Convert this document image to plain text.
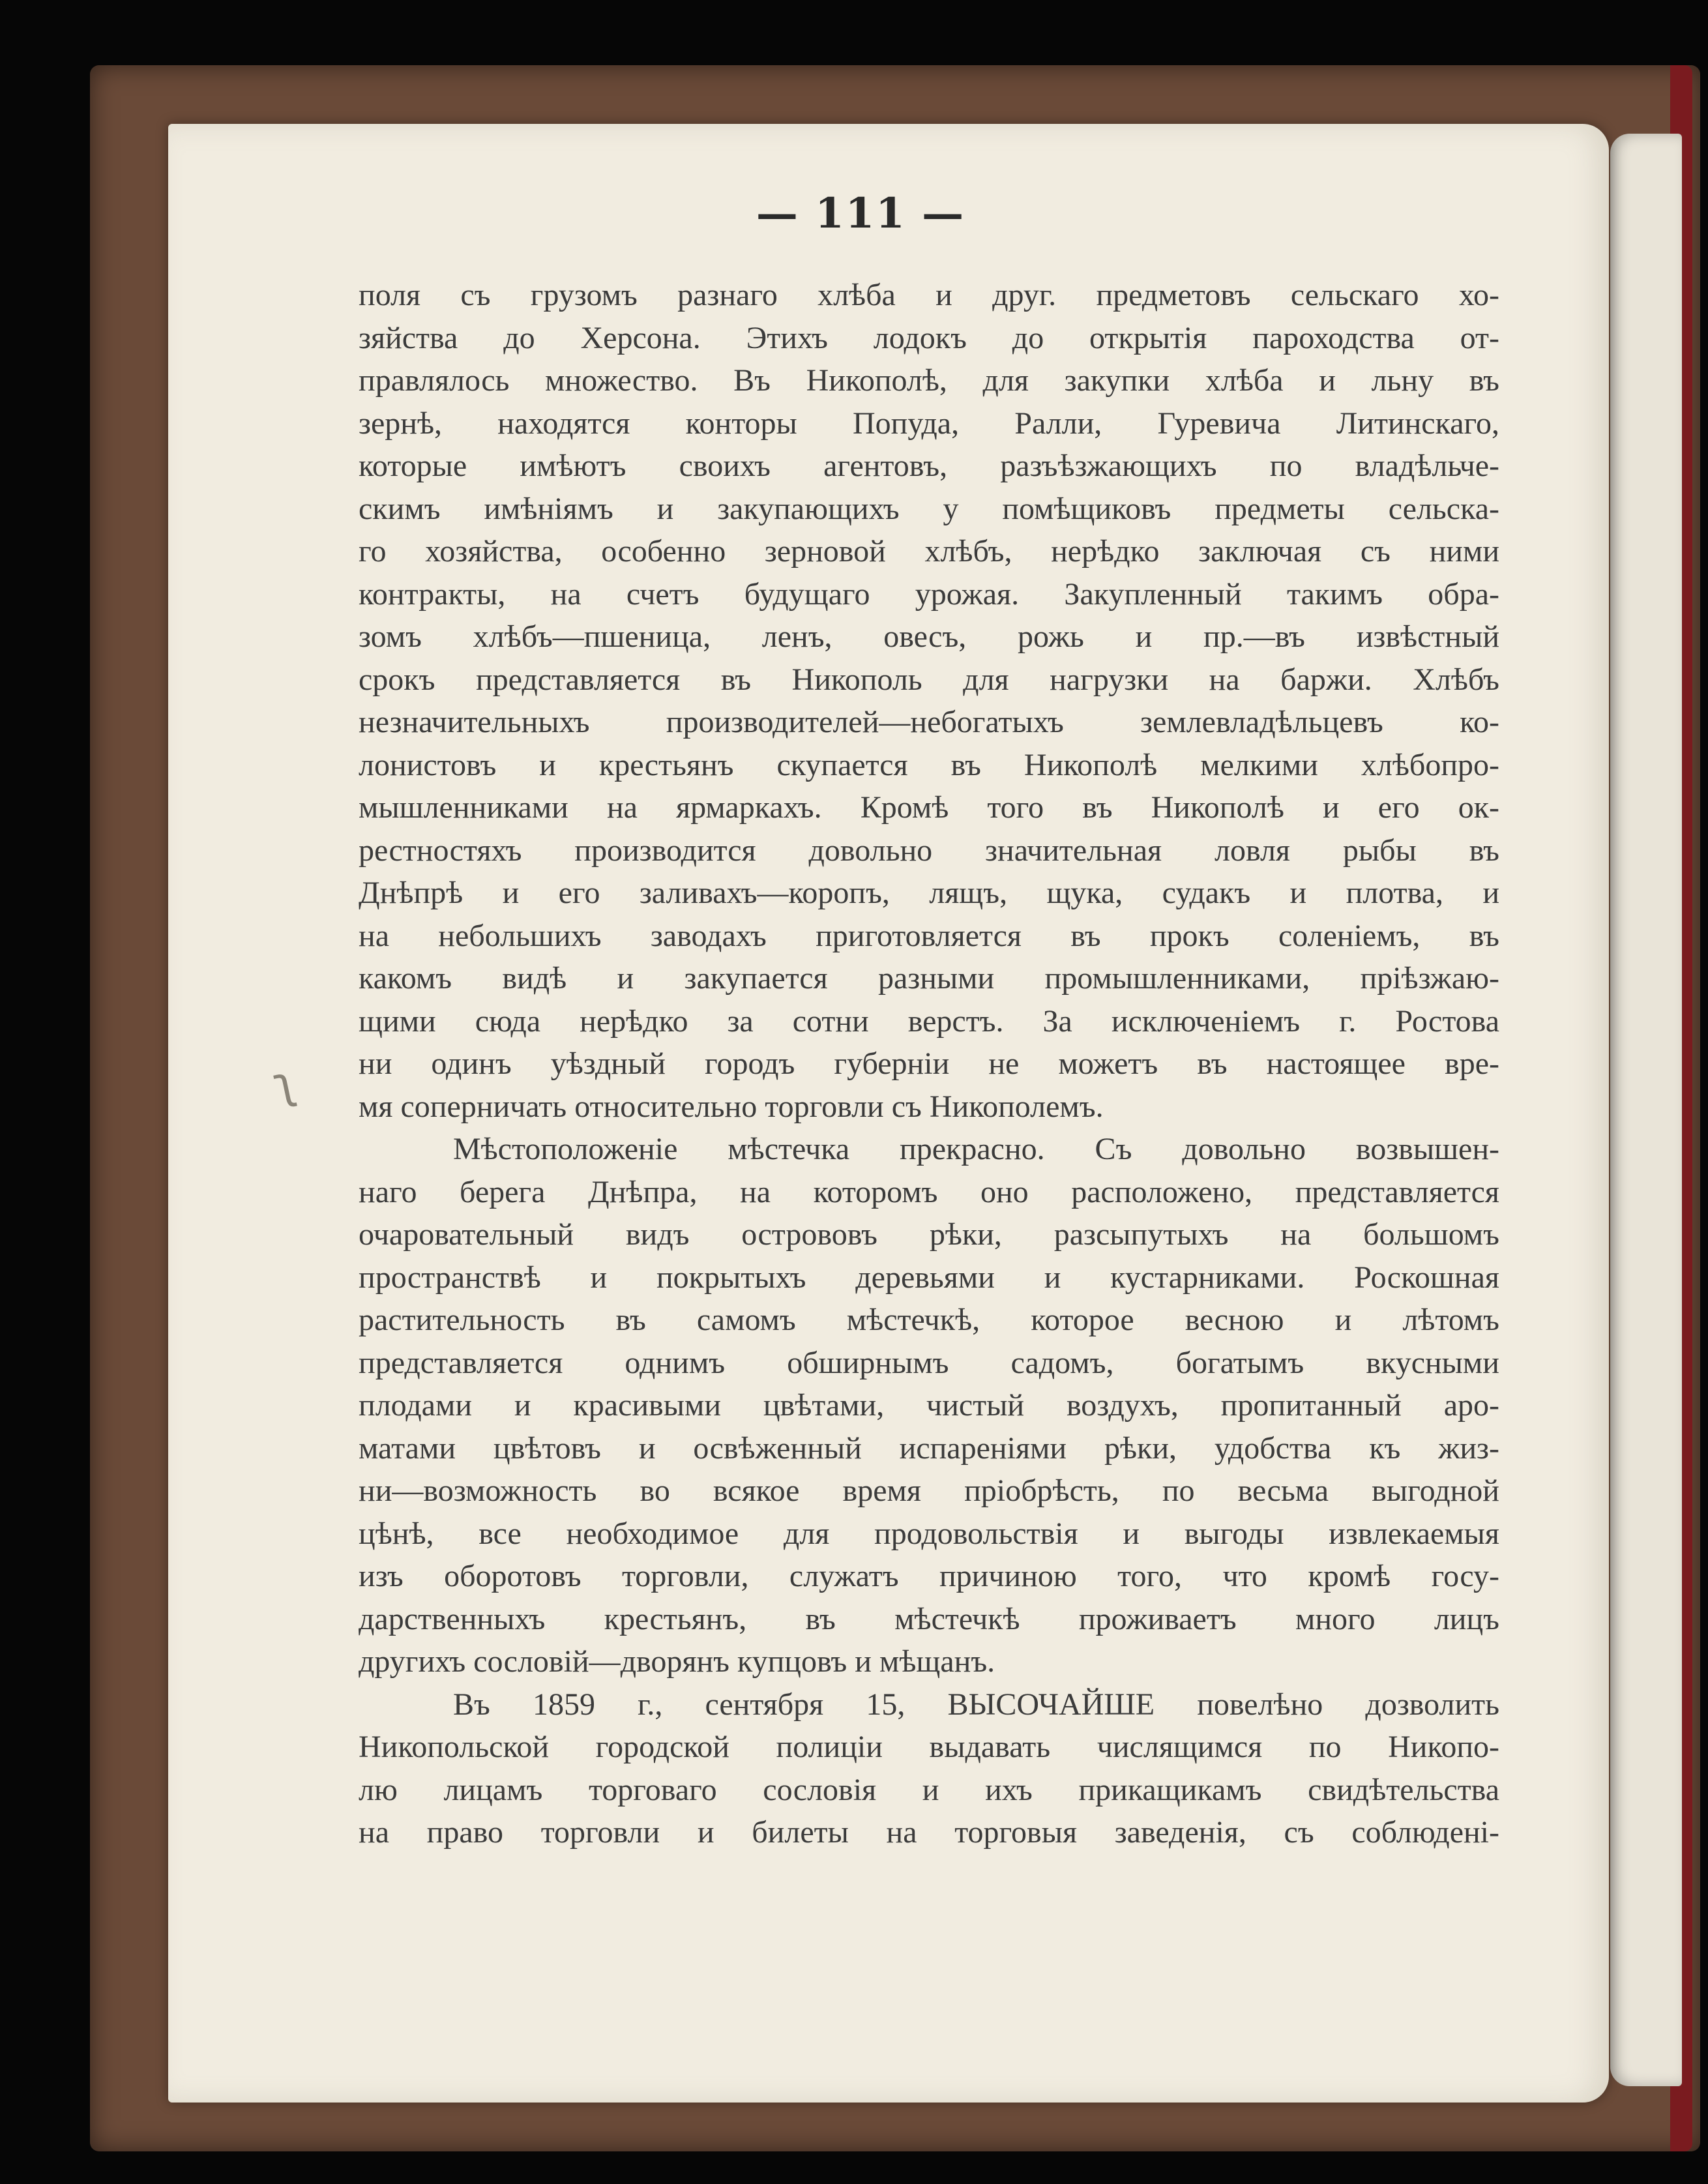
— 111 —
ʅ
поля съ грузомъ разнаго хлѣба и друг. предметовъ сельскаго хо-
зяйства до Херсона. Этихъ лодокъ до открытія пароходства от-
правлялось множество. Въ Никополѣ, для закупки хлѣба и льну въ
зернѣ, находятся конторы Попуда, Ралли, Гуревича Литинскаго,
которые имѣютъ своихъ агентовъ, разъѣзжающихъ по владѣльче-
скимъ имѣніямъ и закупающихъ у помѣщиковъ предметы сельска-
го хозяйства, особенно зерновой хлѣбъ, нерѣдко заключая съ ними
контракты, на счетъ будущаго урожая. Закупленный такимъ обра-
зомъ хлѣбъ—пшеница, ленъ, овесъ, рожь и пр.—въ извѣстный
срокъ представляется въ Никополь для нагрузки на баржи. Хлѣбъ
незначительныхъ производителей—небогатыхъ землевладѣльцевъ ко-
лонистовъ и крестьянъ скупается въ Никополѣ мелкими хлѣбопро-
мышленниками на ярмаркахъ. Кромѣ того въ Никополѣ и его ок-
рестностяхъ производится довольно значительная ловля рыбы въ
Днѣпрѣ и его заливахъ—коропъ, лящъ, щука, судакъ и плотва, и
на небольшихъ заводахъ приготовляется въ прокъ соленіемъ, въ
какомъ видѣ и закупается разными промышленниками, пріѣзжаю-
щими сюда нерѣдко за сотни верстъ. За исключеніемъ г. Ростова
ни одинъ уѣздный городъ губерніи не можетъ въ настоящее вре-
мя соперничать относительно торговли съ Никополемъ.
Мѣстоположеніе мѣстечка прекрасно. Съ довольно возвышен-
наго берега Днѣпра, на которомъ оно расположено, представляется
очаровательный видъ острововъ рѣки, разсыпутыхъ на большомъ
пространствѣ и покрытыхъ деревьями и кустарниками. Роскошная
растительность въ самомъ мѣстечкѣ, которое весною и лѣтомъ
представляется однимъ обширнымъ садомъ, богатымъ вкусными
плодами и красивыми цвѣтами, чистый воздухъ, пропитанный аро-
матами цвѣтовъ и освѣженный испареніями рѣки, удобства къ жиз-
ни—возможность во всякое время пріобрѣсть, по весьма выгодной
цѣнѣ, все необходимое для продовольствія и выгоды извлекаемыя
изъ оборотовъ торговли, служатъ причиною того, что кромѣ госу-
дарственныхъ крестьянъ, въ мѣстечкѣ проживаетъ много лицъ
другихъ сословій—дворянъ купцовъ и мѣщанъ.
Въ 1859 г., сентября 15, ВЫСОЧАЙШЕ повелѣно дозволить
Никопольской городской полиціи выдавать числящимся по Никопо-
лю лицамъ торговаго сословія и ихъ прикащикамъ свидѣтельства
на право торговли и билеты на торговыя заведенія, съ соблюдені-
